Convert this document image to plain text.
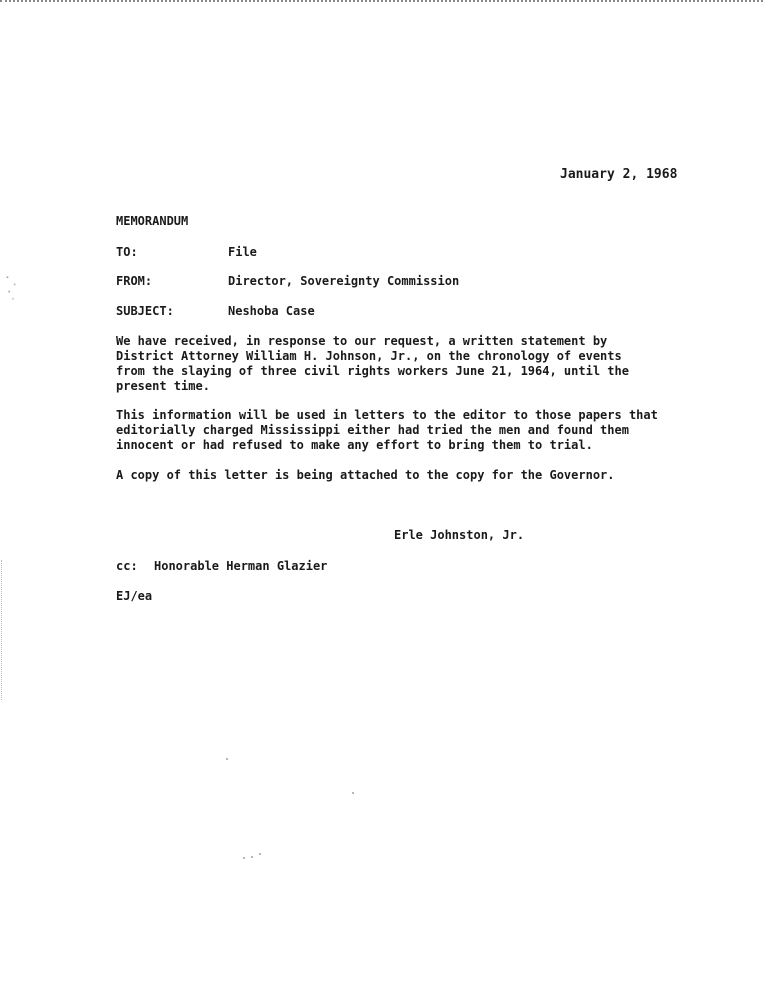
January 2, 1968
MEMORANDUM
TO:	File
FROM:	Director, Sovereignty Commission
SUBJECT:	Neshoba Case
We have received, in response to our request, a written statement by
District Attorney William H. Johnson, Jr., on the chronology of events
from the slaying of three civil rights workers June 21, 1964, until the
present time.
This information will be used in letters to the editor to those papers that
editorially charged Mississippi either had tried the men and found them
innocent or had refused to make any effort to bring them to trial.
A copy of this letter is being attached to the copy for the Governor.
Erle Johnston, Jr.
cc: Honorable Herman Glazier
EJ/ea
